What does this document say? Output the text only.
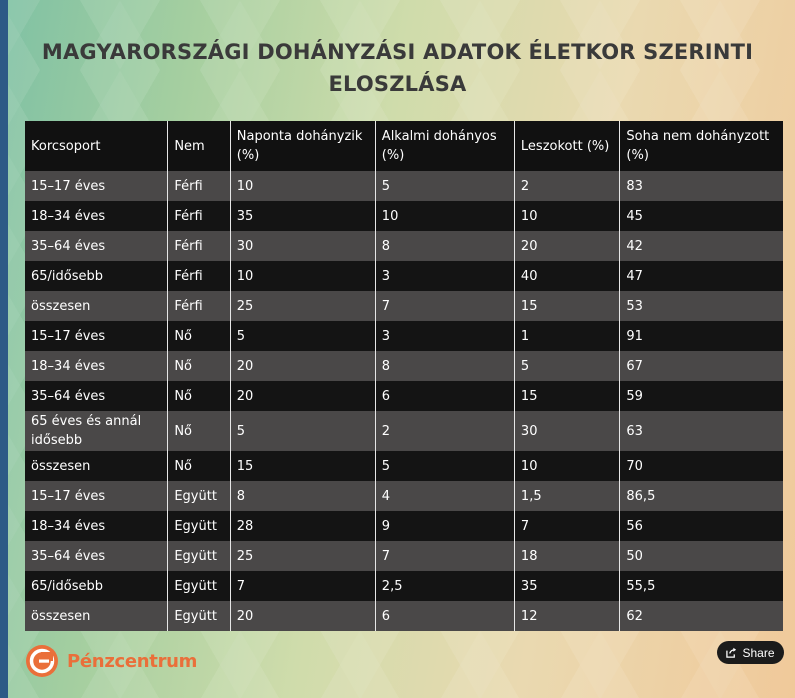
MAGYARORSZÁGI DOHÁNYZÁSI ADATOK ÉLETKOR SZERINTI ELOSZLÁSA
Korcsoport	Nem	Naponta dohányzik (%)	Alkalmi dohányos (%)	Leszokott (%)	Soha nem dohányzott (%)
15–17 éves	Férfi	10	5	2	83
18–34 éves	Férfi	35	10	10	45
35–64 éves	Férfi	30	8	20	42
65/idősebb	Férfi	10	3	40	47
összesen	Férfi	25	7	15	53
15–17 éves	Nő	5	3	1	91
18–34 éves	Nő	20	8	5	67
35–64 éves	Nő	20	6	15	59
65 éves és annál idősebb	Nő	5	2	30	63
összesen	Nő	15	5	10	70
15–17 éves	Együtt	8	4	1,5	86,5
18–34 éves	Együtt	28	9	7	56
35–64 éves	Együtt	25	7	18	50
65/idősebb	Együtt	7	2,5	35	55,5
összesen	Együtt	20	6	12	62
Pénzcentrum	Share
